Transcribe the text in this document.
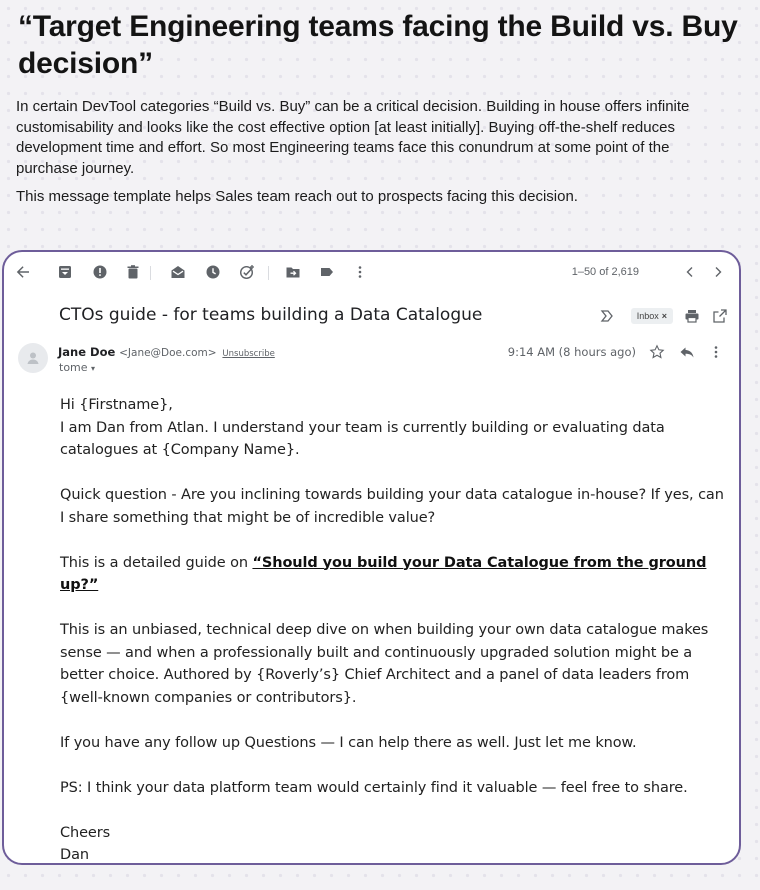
“Target Engineering teams facing the Build vs. Buy decision”

In certain DevTool categories “Build vs. Buy” can be a critical decision. Building in house offers infinite customisability and looks like the cost effective option [at least initially]. Buying off-the-shelf reduces development time and effort. So most Engineering teams face this conundrum at some point of the purchase journey.

This message template helps Sales team reach out to prospects facing this decision.

1–50 of 2,619
CTOs guide - for teams building a Data Catalogue	Inbox ×
Jane Doe <Jane@Doe.com> Unsubscribe
tome ▾
9:14 AM (8 hours ago)

Hi {Firstname},

I am Dan from Atlan. I understand your team is currently building or evaluating data catalogues at {Company Name}.

Quick question - Are you inclining towards building your data catalogue in-house? If yes, can I share something that might be of incredible value?

This is a detailed guide on “Should you build your Data Catalogue from the ground up?”

This is an unbiased, technical deep dive on when building your own data catalogue makes sense — and when a professionally built and continuously upgraded solution might be a better choice. Authored by {Roverly’s} Chief Architect and a panel of data leaders from {well-known companies or contributors}.

If you have any follow up Questions — I can help there as well. Just let me know.

PS: I think your data platform team would certainly find it valuable — feel free to share.

Cheers

Dan
